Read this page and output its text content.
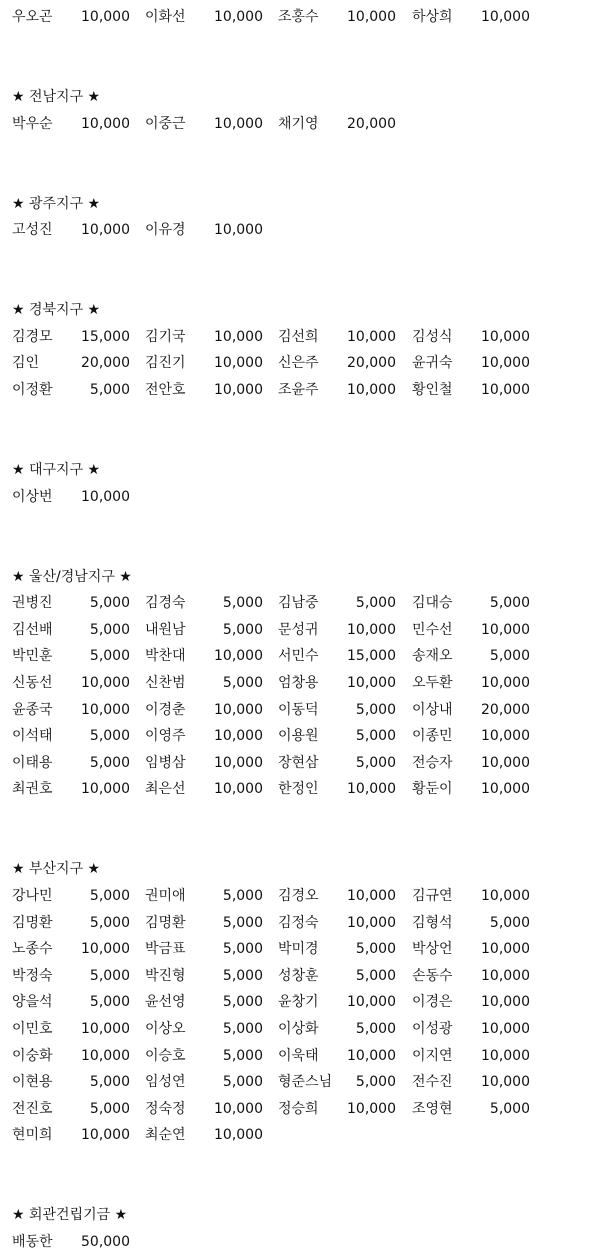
우오곤	10,000 이화선	10,000 조홍수	10,000 하상희	10,000
★ 전남지구 ★
박우순	10,000 이중근	10,000 채기영	20,000
★ 광주지구 ★
고성진	10,000 이유경	10,000
★ 경북지구 ★
김경모	15,000 김기국	10,000 김선희	10,000 김성식	10,000
김인	20,000 김진기	10,000 신은주	20,000 윤귀숙	10,000
이정환	5,000 전안호	10,000 조윤주	10,000 황인철	10,000
★ 대구지구 ★
이상번	10,000
★ 울산/경남지구 ★
권병진	5,000 김경숙	5,000 김남중	5,000 김대승	5,000
김선배	5,000 내원남	5,000 문성귀	10,000 민수선	10,000
박민훈	5,000 박찬대	10,000 서민수	15,000 송재오	5,000
신동선	10,000 신찬범	5,000 엄창용	10,000 오두환	10,000
윤종국	10,000 이경춘	10,000 이동덕	5,000 이상내	20,000
이석태	5,000 이영주	10,000 이용원	5,000 이종민	10,000
이태용	5,000 임병삼	10,000 장현삼	5,000 전승자	10,000
최권호	10,000 최은선	10,000 한정인	10,000 황둔이	10,000
★ 부산지구 ★
강나민	5,000 권미애	5,000 김경오	10,000 김규연	10,000
김명환	5,000 김명환	5,000 김정숙	10,000 김형석	5,000
노종수	10,000 박금표	5,000 박미경	5,000 박상언	10,000
박정숙	5,000 박진형	5,000 성창훈	5,000 손동수	10,000
양을석	5,000 윤선영	5,000 윤창기	10,000 이경은	10,000
이민호	10,000 이상오	5,000 이상화	5,000 이성광	10,000
이숭화	10,000 이승호	5,000 이욱태	10,000 이지연	10,000
이현용	5,000 임성연	5,000 형준스님	5,000 전수진	10,000
전진호	5,000 정숙정	10,000 정승희	10,000 조영현	5,000
현미희	10,000 최순연	10,000
★ 회관건립기금 ★
배동한	50,000
